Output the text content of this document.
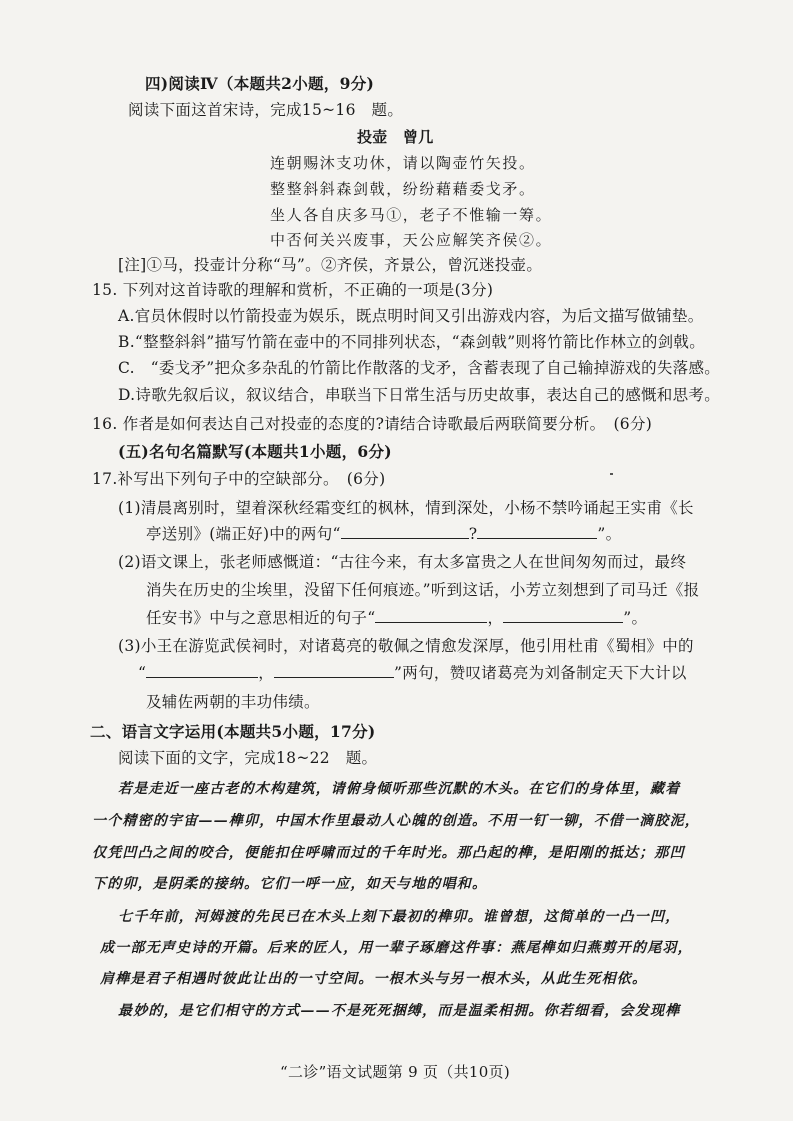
四)阅读Ⅳ（本题共2小题，9分)
阅读下面这首宋诗，完成15~16　题。
投壶　曾几
连朝赐沐支功休，请以陶壶竹矢投。
整整斜斜森剑戟，纷纷藉藉委戈矛。
坐人各自庆多马①，老子不惟输一筹。
中否何关兴废事，天公应解笑齐侯②。
[注]①马，投壶计分称“马”。②齐侯，齐景公，曾沉迷投壶。
15. 下列对这首诗歌的理解和赏析，不正确的一项是(3分)
A.官员休假时以竹箭投壶为娱乐，既点明时间又引出游戏内容，为后文描写做铺垫。
B.“整整斜斜”描写竹箭在壶中的不同排列状态，“森剑戟”则将竹箭比作林立的剑戟。
C.　“委戈矛”把众多杂乱的竹箭比作散落的戈矛，含蓄表现了自己输掉游戏的失落感。
D.诗歌先叙后议，叙议结合，串联当下日常生活与历史故事，表达自己的感慨和思考。
16. 作者是如何表达自己对投壶的态度的?请结合诗歌最后两联简要分析。　(6分)
(五)名句名篇默写(本题共1小题，6分)
17.补写出下列句子中的空缺部分。　(6分)
(1)清晨离别时，望着深秋经霜变红的枫林，情到深处，小杨不禁吟诵起王实甫《长
亭送别》(端正好)中的两句“	?	”。
(2)语文课上，张老师感慨道：“古往今来，有太多富贵之人在世间匆匆而过，最终
消失在历史的尘埃里，没留下任何痕迹。”听到这话，小芳立刻想到了司马迁《报
任安书》中与之意思相近的句子“	，	”。
(3)小王在游览武侯祠时，对诸葛亮的敬佩之情愈发深厚，他引用杜甫《蜀相》中的
“	，	”两句，赞叹诸葛亮为刘备制定天下大计以
及辅佐两朝的丰功伟绩。
二、语言文字运用(本题共5小题，17分)
阅读下面的文字，完成18~22　题。
若是走近一座古老的木构建筑，请俯身倾听那些沉默的木头。在它们的身体里，藏着
一个精密的宇宙——榫卯，中国木作里最动人心魄的创造。不用一钉一铆，不借一滴胶泥，
仅凭凹凸之间的咬合，便能扣住呼啸而过的千年时光。那凸起的榫，是阳刚的抵达；那凹
下的卯，是阴柔的接纳。它们一呼一应，如天与地的唱和。
七千年前，河姆渡的先民已在木头上刻下最初的榫卯。谁曾想，这简单的一凸一凹，
成一部无声史诗的开篇。后来的匠人，用一辈子琢磨这件事：燕尾榫如归燕剪开的尾羽，
肩榫是君子相遇时彼此让出的一寸空间。一根木头与另一根木头，从此生死相依。
最妙的，是它们相守的方式——不是死死捆缚，而是温柔相拥。你若细看，会发现榫
“二诊”语文试题第 9 页（共10页)
